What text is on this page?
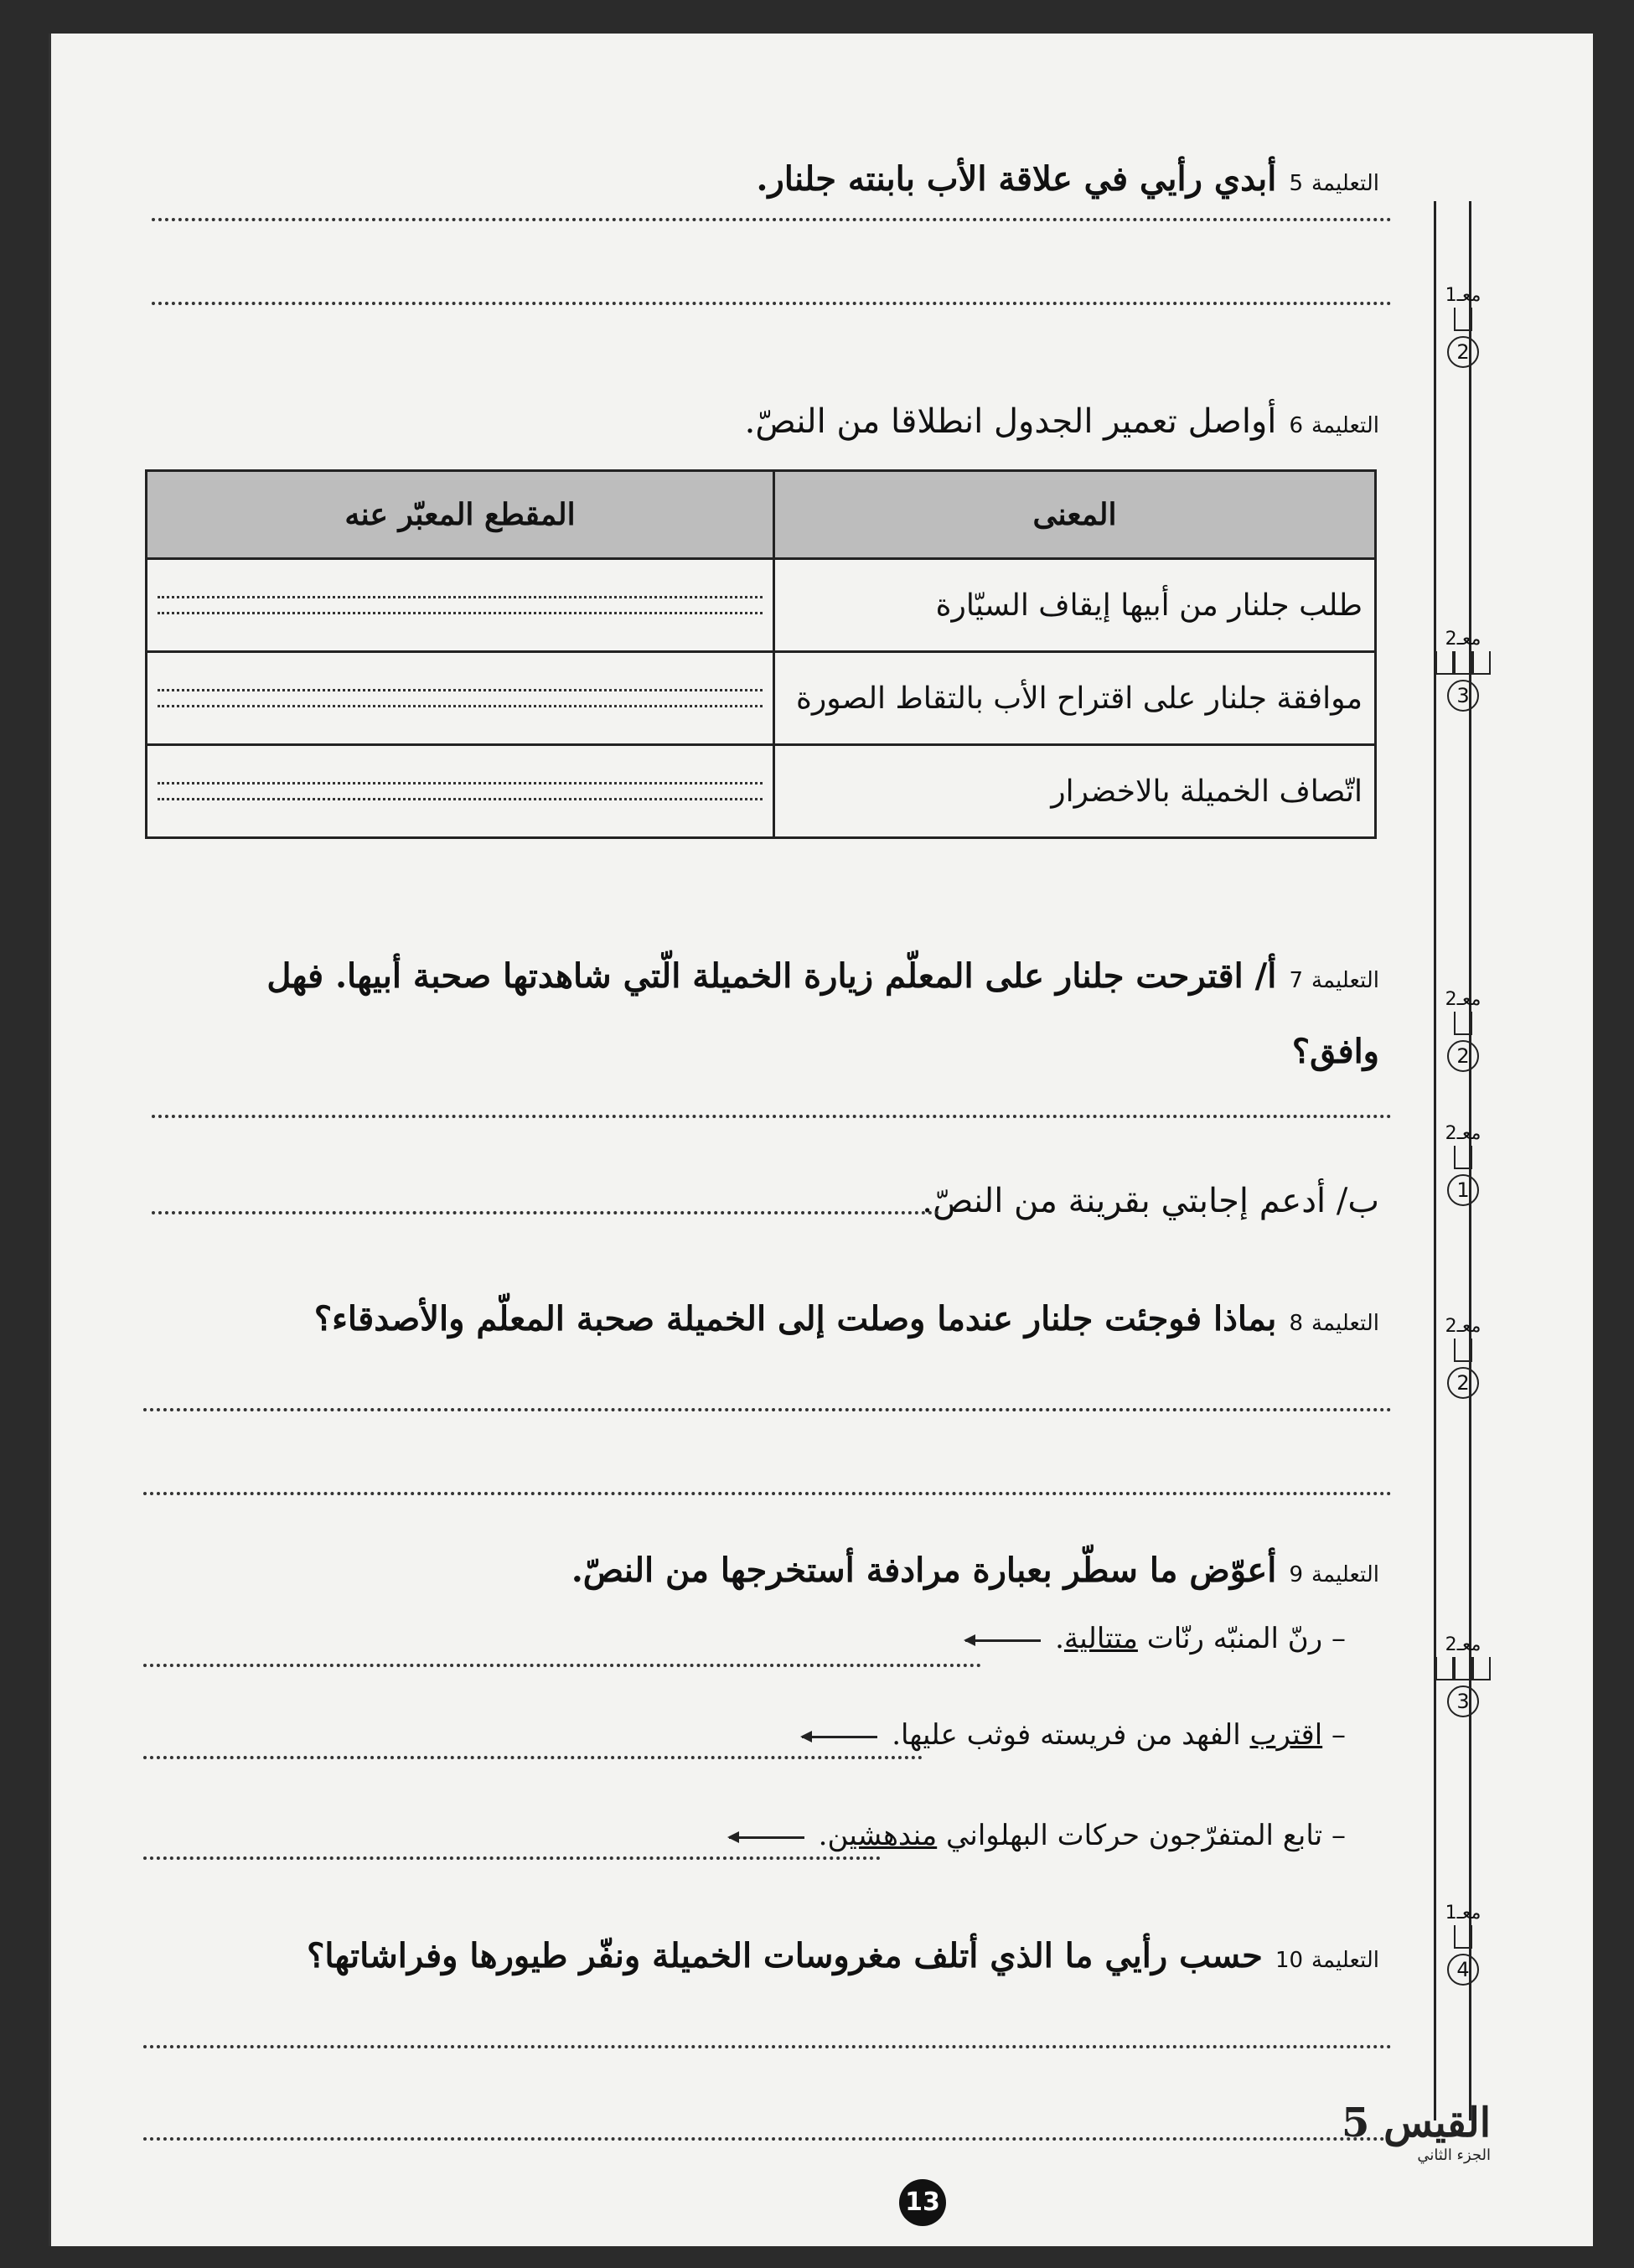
التعليمة5 أبدي رأيي في علاقة الأب بابنته جلنار.
التعليمة6 أواصل تعمير الجدول انطلاقا من النصّ.
المعنى	المقطع المعبّر عنه
طلب جلنار من أبيها إيقاف السيّارة	

موافقة جلنار على اقتراح الأب بالتقاط الصورة	

اتّصاف الخميلة بالاخضرار	
التعليمة7 أ/ اقترحت جلنار على المعلّم زيارة الخميلة الّتي شاهدتها صحبة أبيها. فهل وافق؟
ب/ أدعم إجابتي بقرينة من النصّ.
التعليمة8 بماذا فوجئت جلنار عندما وصلت إلى الخميلة صحبة المعلّم والأصدقاء؟
التعليمة9 أعوّض ما سطّر بعبارة مرادفة أستخرجها من النصّ.
– رنّ المنبّه رنّات متتالية.
– اقترب الفهد من فريسته فوثب عليها.
– تابع المتفرّجون حركات البهلواني مندهشين.
التعليمة10 حسب رأيي ما الذي أتلف مغروسات الخميلة ونفّر طيورها وفراشاتها؟
معـ1
2
معـ2
3
معـ2
2
معـ2
1
معـ2
2
معـ2
3
معـ1
4
القيس 5
الجزء الثاني
13
